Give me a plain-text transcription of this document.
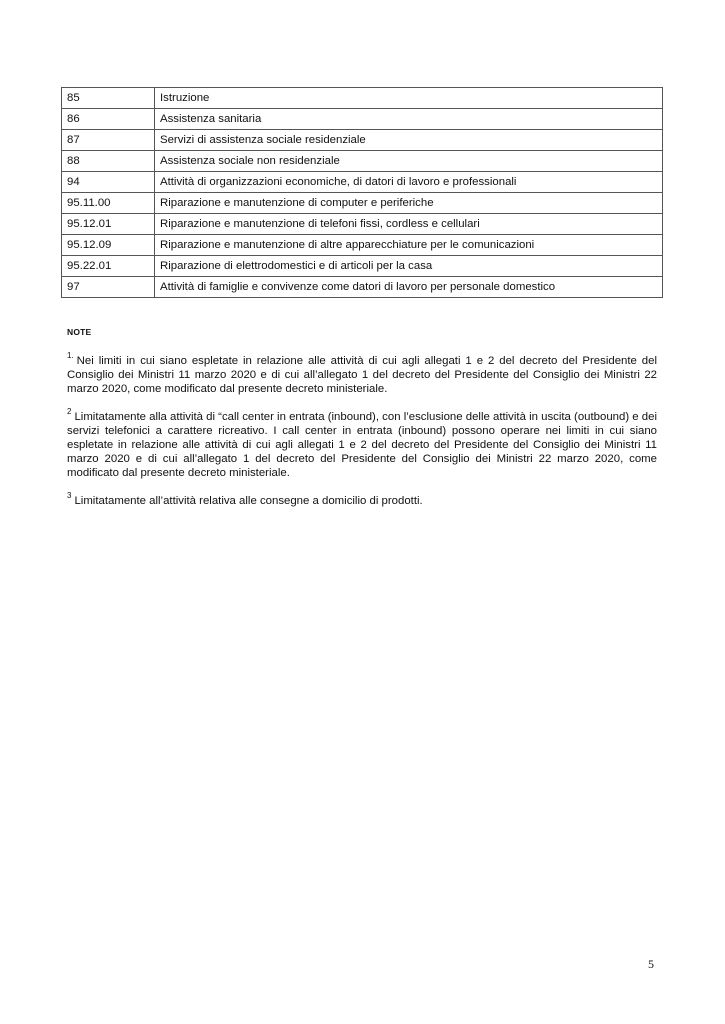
85	Istruzione
86	Assistenza sanitaria
87	Servizi di assistenza sociale residenziale
88	Assistenza sociale non residenziale
94	Attività di organizzazioni economiche, di datori di lavoro e professionali
95.11.00	Riparazione e manutenzione di computer e periferiche
95.12.01	Riparazione e manutenzione di telefoni fissi, cordless e cellulari
95.12.09	Riparazione e manutenzione di altre apparecchiature per le comunicazioni
95.22.01	Riparazione di elettrodomestici e di articoli per la casa
97	Attività di famiglie e convivenze come datori di lavoro per personale domestico
NOTE

$^{1.}$ Nei limiti in cui siano espletate in relazione alle attività di cui agli allegati 1 e 2 del decreto del Presidente del Consiglio dei Ministri 11 marzo 2020 e di cui all’allegato 1 del decreto del Presidente del Consiglio dei Ministri 22 marzo 2020, come modificato dal presente decreto ministeriale.

$^2$ Limitatamente alla attività di “call center in entrata (inbound), con l’esclusione delle attività in uscita (outbound) e dei servizi telefonici a carattere ricreativo. I call center in entrata (inbound) possono operare nei limiti in cui siano espletate in relazione alle attività di cui agli allegati 1 e 2 del decreto del Presidente del Consiglio dei Ministri 11 marzo 2020 e di cui all’allegato 1 del decreto del Presidente del Consiglio dei Ministri 22 marzo 2020, come modificato dal presente decreto ministeriale.

$^3$ Limitatamente all’attività relativa alle consegne a domicilio di prodotti.

5
